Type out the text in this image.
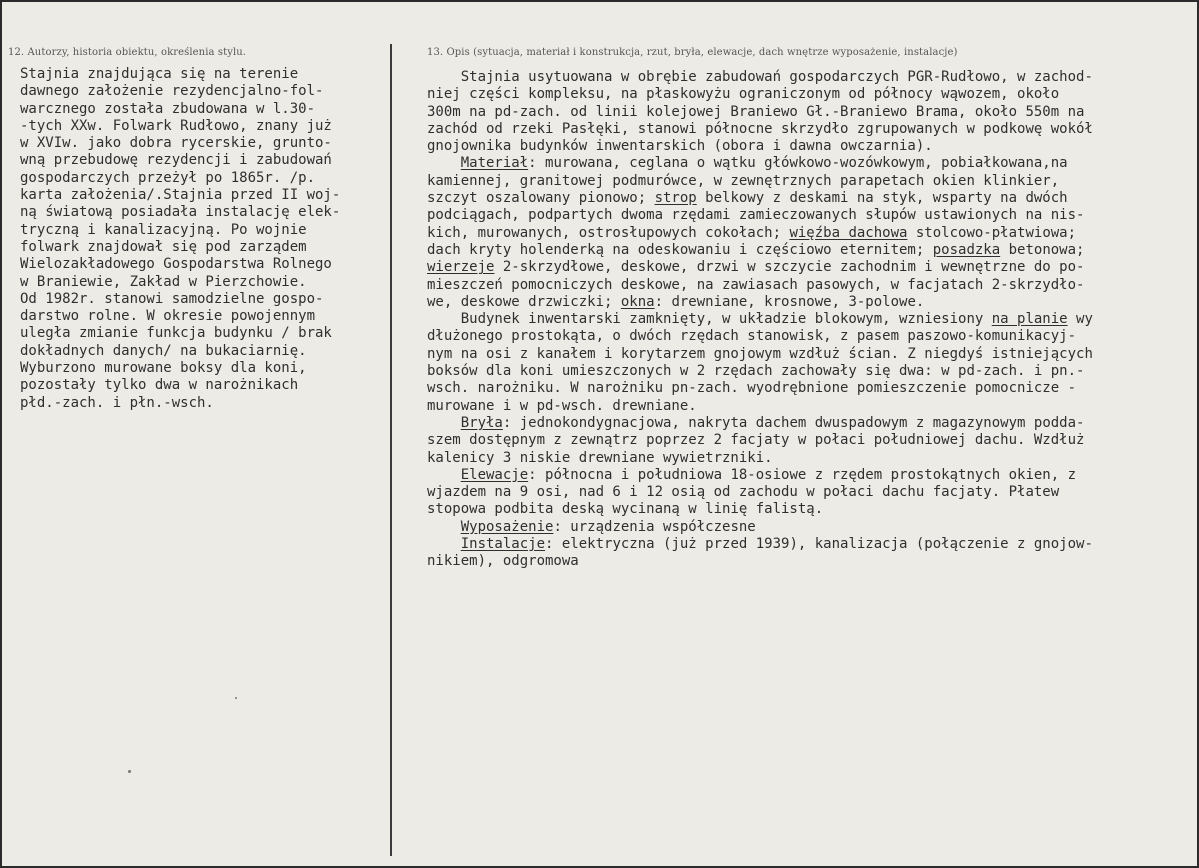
12. Autorzy, historia obiektu, określenia stylu.	13. Opis (sytuacja, materiał i konstrukcja, rzut, bryła, elewacje, dach wnętrze wyposażenie, instalacje)
Stajnia znajdująca się na terenie
dawnego założenie rezydencjalno-fol-
warcznego została zbudowana w l.30-
-tych XXw. Folwark Rudłowo, znany już
w XVIw. jako dobra rycerskie, grunto-
wną przebudowę rezydencji i zabudowań
gospodarczych przeżył po 1865r. /p.
karta założenia/.Stajnia przed II woj-
ną światową posiadała instalację elek-
tryczną i kanalizacyjną. Po wojnie
folwark znajdował się pod zarządem
Wielozakładowego Gospodarstwa Rolnego
w Braniewie, Zakład w Pierzchowie.
Od 1982r. stanowi samodzielne gospo-
darstwo rolne. W okresie powojennym
uległa zmianie funkcja budynku / brak
dokładnych danych/ na bukaciarnię.
Wyburzono murowane boksy dla koni,
pozostały tylko dwa w narożnikach
płd.-zach. i płn.-wsch.
Stajnia usytuowana w obrębie zabudowań gospodarczych PGR-Rudłowo, w zachod-
niej części kompleksu, na płaskowyżu ograniczonym od północy wąwozem, około
300m na pd-zach. od linii kolejowej Braniewo Gł.-Braniewo Brama, około 550m na
zachód od rzeki Pasłęki, stanowi północne skrzydło zgrupowanych w podkowę wokół
gnojownika budynków inwentarskich (obora i dawna owczarnia).
Materiał: murowana, ceglana o wątku główkowo-wozówkowym, pobiałkowana,na
kamiennej, granitowej podmurówce, w zewnętrznych parapetach okien klinkier,
szczyt oszalowany pionowo; strop belkowy z deskami na styk, wsparty na dwóch
podciągach, podpartych dwoma rzędami zamieczowanych słupów ustawionych na nis-
kich, murowanych, ostrosłupowych cokołach; więźba dachowa stolcowo-płatwiowa;
dach kryty holenderką na odeskowaniu i częściowo eternitem; posadzka betonowa;
wierzeje 2-skrzydłowe, deskowe, drzwi w szczycie zachodnim i wewnętrzne do po-
mieszczeń pomocniczych deskowe, na zawiasach pasowych, w facjatach 2-skrzydło-
we, deskowe drzwiczki; okna: drewniane, krosnowe, 3-polowe.
Budynek inwentarski zamknięty, w układzie blokowym, wzniesiony na planie wy
dłużonego prostokąta, o dwóch rzędach stanowisk, z pasem paszowo-komunikacyj-
nym na osi z kanałem i korytarzem gnojowym wzdłuż ścian. Z niegdyś istniejących
boksów dla koni umieszczonych w 2 rzędach zachowały się dwa: w pd-zach. i pn.-
wsch. narożniku. W narożniku pn-zach. wyodrębnione pomieszczenie pomocnicze -
murowane i w pd-wsch. drewniane.
Bryła: jednokondygnacjowa, nakryta dachem dwuspadowym z magazynowym podda-
szem dostępnym z zewnątrz poprzez 2 facjaty w połaci południowej dachu. Wzdłuż
kalenicy 3 niskie drewniane wywietrzniki.
Elewacje: północna i południowa 18-osiowe z rzędem prostokątnych okien, z
wjazdem na 9 osi, nad 6 i 12 osią od zachodu w połaci dachu facjaty. Płatew
stopowa podbita deską wycinaną w linię falistą.
Wyposażenie: urządzenia współczesne
Instalacje: elektryczna (już przed 1939), kanalizacja (połączenie z gnojow-
nikiem), odgromowa
